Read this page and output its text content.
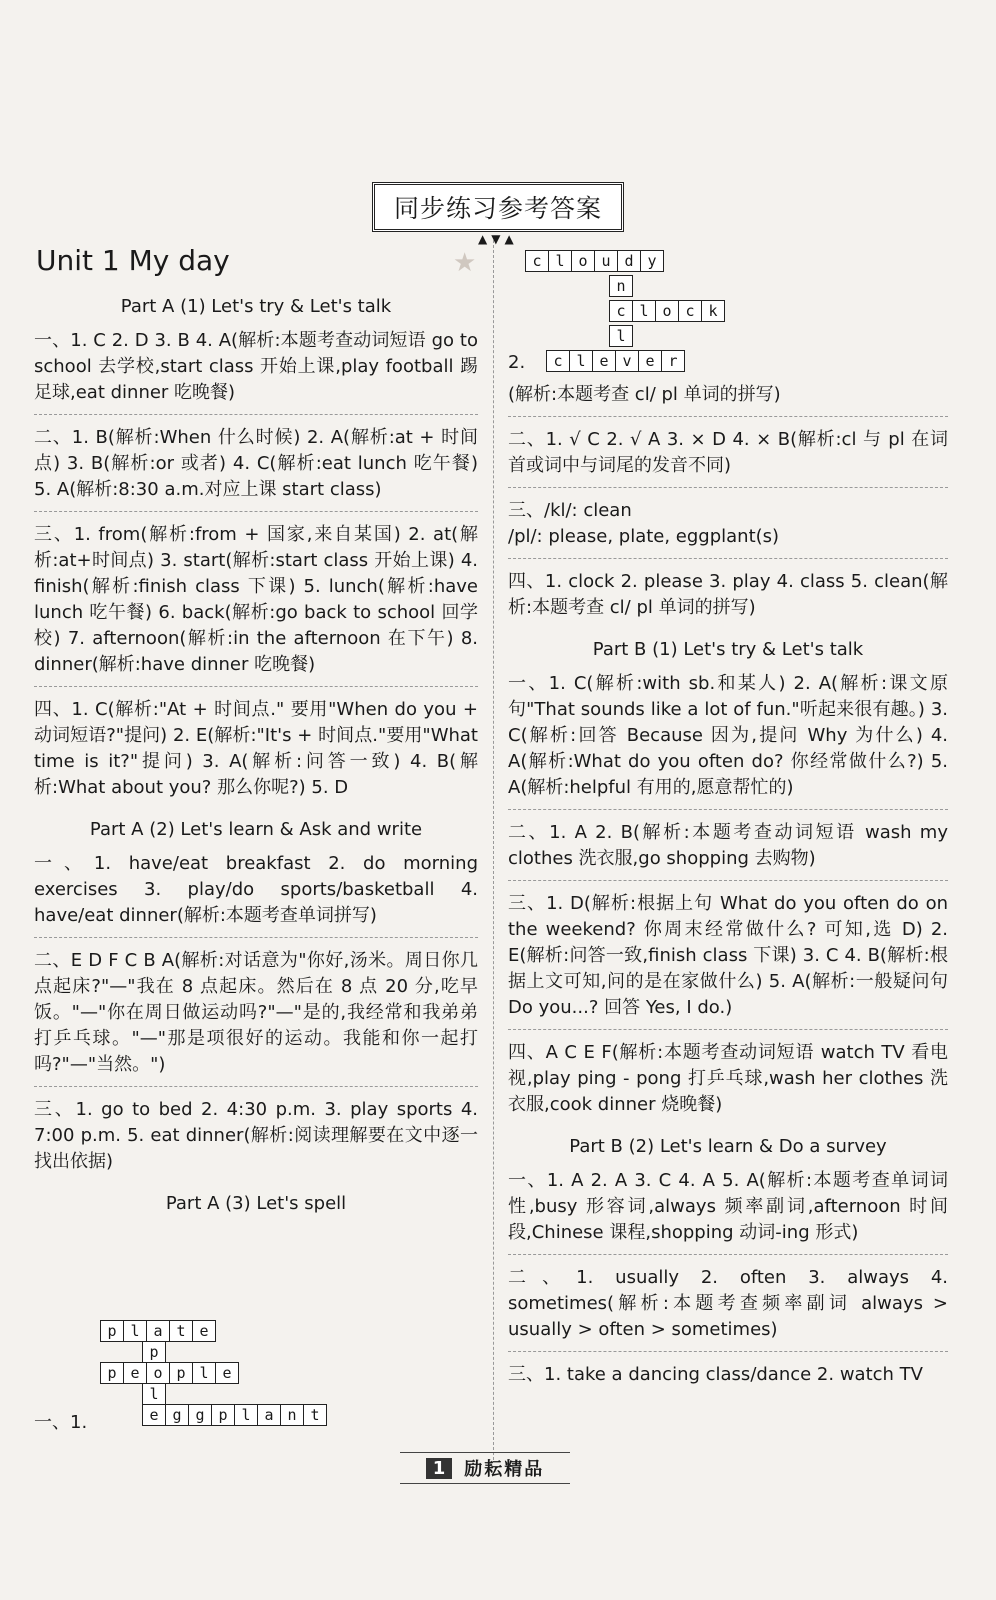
同步练习参考答案
▲▼▲
Unit 1 My day	★
Part A (1) Let's try & Let's talk
一、1. C 2. D 3. B 4. A(解析:本题考查动词短语 go to school 去学校,start class 开始上课,play football 踢足球,eat dinner 吃晚餐)
二、1. B(解析:When 什么时候) 2. A(解析:at + 时间点) 3. B(解析:or 或者) 4. C(解析:eat lunch 吃午餐) 5. A(解析:8:30 a.m.对应上课 start class)
三、1. from(解析:from + 国家,来自某国) 2. at(解析:at+时间点) 3. start(解析:start class 开始上课) 4. finish(解析:finish class 下课) 5. lunch(解析:have lunch 吃午餐) 6. back(解析:go back to school 回学校) 7. afternoon(解析:in the afternoon 在下午) 8. dinner(解析:have dinner 吃晚餐)
四、1. C(解析:"At + 时间点." 要用"When do you + 动词短语?"提问) 2. E(解析:"It's + 时间点."要用"What time is it?"提问) 3. A(解析:问答一致) 4. B(解析:What about you? 那么你呢?) 5. D
Part A (2) Let's learn & Ask and write
一、1. have/eat breakfast 2. do morning exercises 3. play/do sports/basketball 4. have/eat dinner(解析:本题考查单词拼写)
二、E D F C B A(解析:对话意为"你好,汤米。周日你几点起床?"—"我在 8 点起床。然后在 8 点 20 分,吃早饭。"—"你在周日做运动吗?"—"是的,我经常和我弟弟打乒乓球。"—"那是项很好的运动。我能和你一起打吗?"—"当然。")
三、1. go to bed 2. 4:30 p.m. 3. play sports 4. 7:00 p.m. 5. eat dinner(解析:阅读理解要在文中逐一找出依据)
Part A (3) Let's spell
一、1.
p l a t e
p
p e o p l e
l
e g g p l a n t
c l o u d y
n
c l o c k
l
c l e v e r
2.
(解析:本题考查 cl/ pl 单词的拼写)
二、1. √ C 2. √ A 3. × D 4. × B(解析:cl 与 pl 在词首或词中与词尾的发音不同)
三、/kl/: clean
/pl/: please, plate, eggplant(s)
四、1. clock 2. please 3. play 4. class 5. clean(解析:本题考查 cl/ pl 单词的拼写)
Part B (1) Let's try & Let's talk
一、1. C(解析:with sb.和某人) 2. A(解析:课文原句"That sounds like a lot of fun."听起来很有趣。) 3. C(解析:回答 Because 因为,提问 Why 为什么) 4. A(解析:What do you often do? 你经常做什么?) 5. A(解析:helpful 有用的,愿意帮忙的)
二、1. A 2. B(解析:本题考查动词短语 wash my clothes 洗衣服,go shopping 去购物)
三、1. D(解析:根据上句 What do you often do on the weekend? 你周末经常做什么? 可知,选 D) 2. E(解析:问答一致,finish class 下课) 3. C 4. B(解析:根据上文可知,问的是在家做什么) 5. A(解析:一般疑问句 Do you...? 回答 Yes, I do.)
四、A C E F(解析:本题考查动词短语 watch TV 看电视,play ping - pong 打乒乓球,wash her clothes 洗衣服,cook dinner 烧晚餐)
Part B (2) Let's learn & Do a survey
一、1. A 2. A 3. C 4. A 5. A(解析:本题考查单词词性,busy 形容词,always 频率副词,afternoon 时间段,Chinese 课程,shopping 动词-ing 形式)
二、1. usually 2. often 3. always 4. sometimes(解析:本题考查频率副词 always > usually > often > sometimes)
三、1. take a dancing class/dance 2. watch TV
1	励耘精品
